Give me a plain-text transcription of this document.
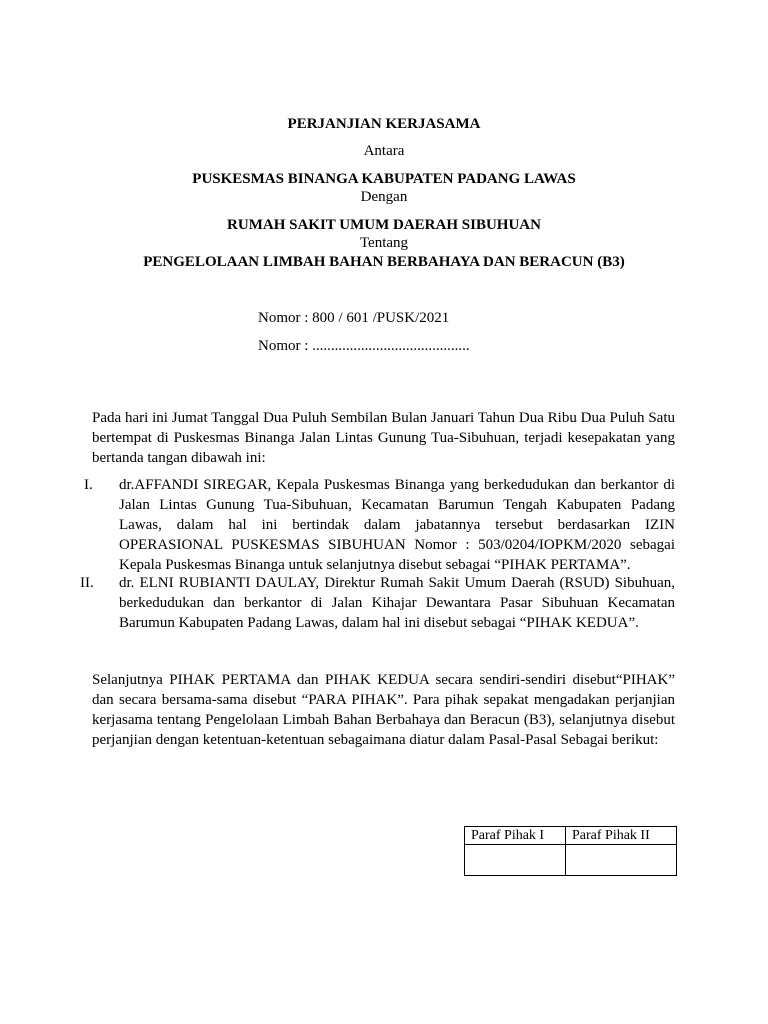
PERJANJIAN KERJASAMA
Antara
PUSKESMAS BINANGA KABUPATEN PADANG LAWAS
Dengan
RUMAH SAKIT UMUM DAERAH SIBUHUAN
Tentang
PENGELOLAAN LIMBAH BAHAN BERBAHAYA DAN BERACUN (B3)
Nomor : 800 / 601 /PUSK/2021
Nomor : ..........................................
Pada hari ini Jumat Tanggal Dua Puluh Sembilan Bulan Januari Tahun Dua Ribu Dua Puluh Satu bertempat di Puskesmas Binanga Jalan Lintas Gunung Tua-Sibuhuan, terjadi kesepakatan yang bertanda tangan dibawah ini:
I. dr.AFFANDI SIREGAR, Kepala Puskesmas Binanga yang berkedudukan dan berkantor di Jalan Lintas Gunung Tua-Sibuhuan, Kecamatan Barumun Tengah Kabupaten Padang Lawas, dalam hal ini bertindak dalam jabatannya tersebut berdasarkan IZIN OPERASIONAL PUSKESMAS SIBUHUAN Nomor : 503/0204/IOPKM/2020 sebagai Kepala Puskesmas Binanga untuk selanjutnya disebut sebagai “PIHAK PERTAMA”.
II. dr. ELNI RUBIANTI DAULAY, Direktur Rumah Sakit Umum Daerah (RSUD) Sibuhuan, berkedudukan dan berkantor di Jalan Kihajar Dewantara Pasar Sibuhuan Kecamatan Barumun Kabupaten Padang Lawas, dalam hal ini disebut sebagai “PIHAK KEDUA”.
Selanjutnya PIHAK PERTAMA dan PIHAK KEDUA secara sendiri-sendiri disebut“PIHAK” dan secara bersama-sama disebut “PARA PIHAK”. Para pihak sepakat mengadakan perjanjian kerjasama tentang Pengelolaan Limbah Bahan Berbahaya dan Beracun (B3), selanjutnya disebut perjanjian dengan ketentuan-ketentuan sebagaimana diatur dalam Pasal-Pasal Sebagai berikut:
Paraf Pihak I	Paraf Pihak II
